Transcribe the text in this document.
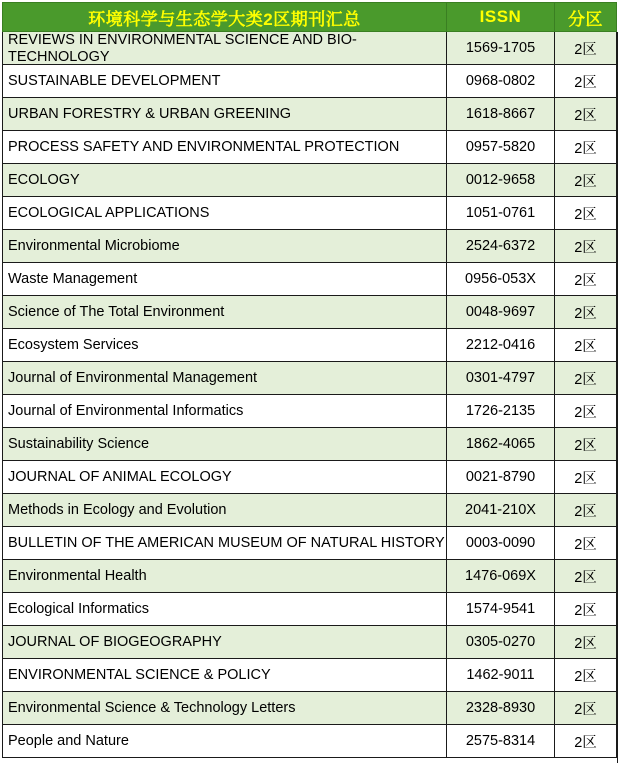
环境科学与生态学大类2区期刊汇总	ISSN	分区

REVIEWS IN ENVIRONMENTAL SCIENCE AND BIO-TECHNOLOGY	1569-1705	2区
SUSTAINABLE DEVELOPMENT	0968-0802	2区
URBAN FORESTRY & URBAN GREENING	1618-8667	2区
PROCESS SAFETY AND ENVIRONMENTAL PROTECTION	0957-5820	2区
ECOLOGY	0012-9658	2区
ECOLOGICAL APPLICATIONS	1051-0761	2区
Environmental Microbiome	2524-6372	2区
Waste Management	0956-053X	2区
Science of The Total Environment	0048-9697	2区
Ecosystem Services	2212-0416	2区
Journal of Environmental Management	0301-4797	2区
Journal of Environmental Informatics	1726-2135	2区
Sustainability Science	1862-4065	2区
JOURNAL OF ANIMAL ECOLOGY	0021-8790	2区
Methods in Ecology and Evolution	2041-210X	2区
BULLETIN OF THE AMERICAN MUSEUM OF NATURAL HISTORY	0003-0090	2区
Environmental Health	1476-069X	2区
Ecological Informatics	1574-9541	2区
JOURNAL OF BIOGEOGRAPHY	0305-0270	2区
ENVIRONMENTAL SCIENCE & POLICY	1462-9011	2区
Environmental Science & Technology Letters	2328-8930	2区
People and Nature	2575-8314	2区
